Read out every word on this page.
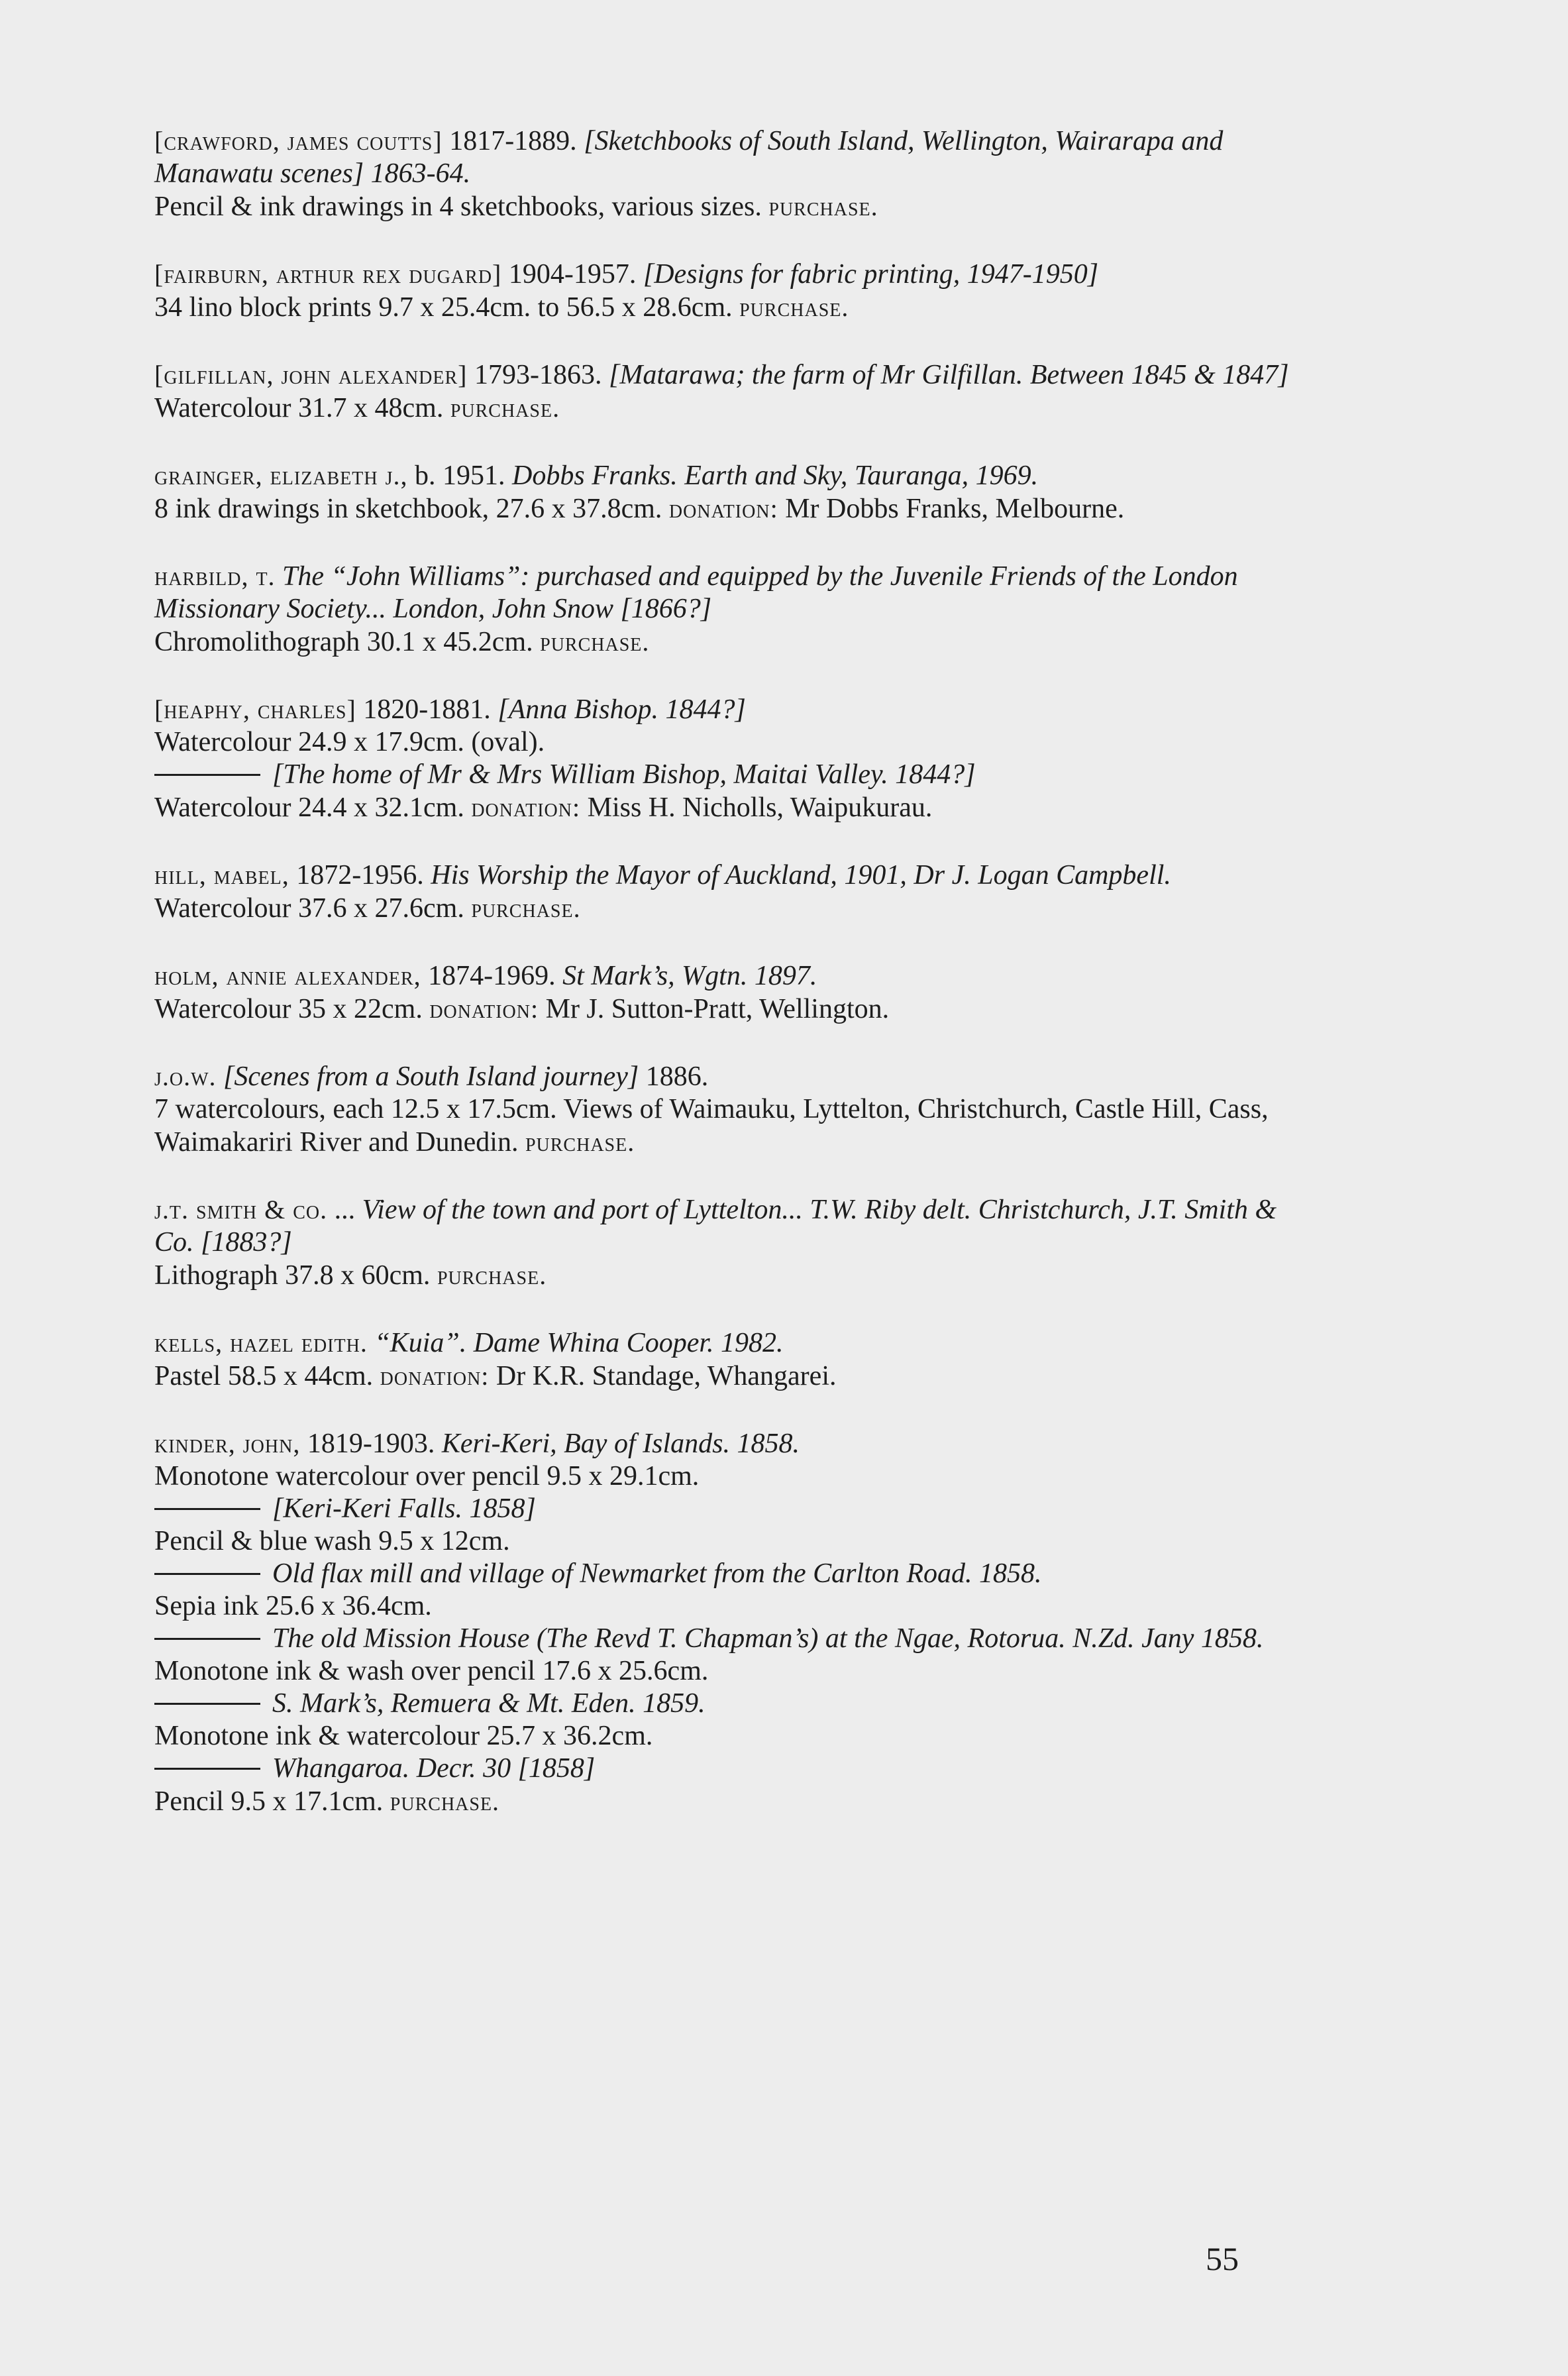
[crawford, james coutts] 1817-1889. [Sketchbooks of South Island, Wellington, Wairarapa and Manawatu scenes] 1863-64.
Pencil & ink drawings in 4 sketchbooks, various sizes. purchase.
[fairburn, arthur rex dugard] 1904-1957. [Designs for fabric printing, 1947-1950]
34 lino block prints 9.7 x 25.4cm. to 56.5 x 28.6cm. purchase.
[gilfillan, john alexander] 1793-1863. [Matarawa; the farm of Mr Gilfillan. Between 1845 & 1847]
Watercolour 31.7 x 48cm. purchase.
grainger, elizabeth j., b. 1951. Dobbs Franks. Earth and Sky, Tauranga, 1969.
8 ink drawings in sketchbook, 27.6 x 37.8cm. donation: Mr Dobbs Franks, Melbourne.
harbild, t. The “John Williams”: purchased and equipped by the Juvenile Friends of the London Missionary Society... London, John Snow [1866?]
Chromolithograph 30.1 x 45.2cm. purchase.
[heaphy, charles] 1820-1881. [Anna Bishop. 1844?]
Watercolour 24.9 x 17.9cm. (oval).
[The home of Mr & Mrs William Bishop, Maitai Valley. 1844?]
Watercolour 24.4 x 32.1cm. donation: Miss H. Nicholls, Waipukurau.
hill, mabel, 1872-1956. His Worship the Mayor of Auckland, 1901, Dr J. Logan Campbell.
Watercolour 37.6 x 27.6cm. purchase.
holm, annie alexander, 1874-1969. St Mark’s, Wgtn. 1897.
Watercolour 35 x 22cm. donation: Mr J. Sutton-Pratt, Wellington.
j.o.w. [Scenes from a South Island journey] 1886.
7 watercolours, each 12.5 x 17.5cm. Views of Waimauku, Lyttelton, Christchurch, Castle Hill, Cass, Waimakariri River and Dunedin. purchase.
j.t. smith & co. ... View of the town and port of Lyttelton... T.W. Riby delt. Christchurch, J.T. Smith & Co. [1883?]
Lithograph 37.8 x 60cm. purchase.
kells, hazel edith. “Kuia”. Dame Whina Cooper. 1982.
Pastel 58.5 x 44cm. donation: Dr K.R. Standage, Whangarei.
kinder, john, 1819-1903. Keri-Keri, Bay of Islands. 1858.
Monotone watercolour over pencil 9.5 x 29.1cm.
[Keri-Keri Falls. 1858]
Pencil & blue wash 9.5 x 12cm.
Old flax mill and village of Newmarket from the Carlton Road. 1858.
Sepia ink 25.6 x 36.4cm.
The old Mission House (The Revd T. Chapman’s) at the Ngae, Rotorua. N.Zd. Jany 1858.
Monotone ink & wash over pencil 17.6 x 25.6cm.
S. Mark’s, Remuera & Mt. Eden. 1859.
Monotone ink & watercolour 25.7 x 36.2cm.
Whangaroa. Decr. 30 [1858]
Pencil 9.5 x 17.1cm. purchase.
55
